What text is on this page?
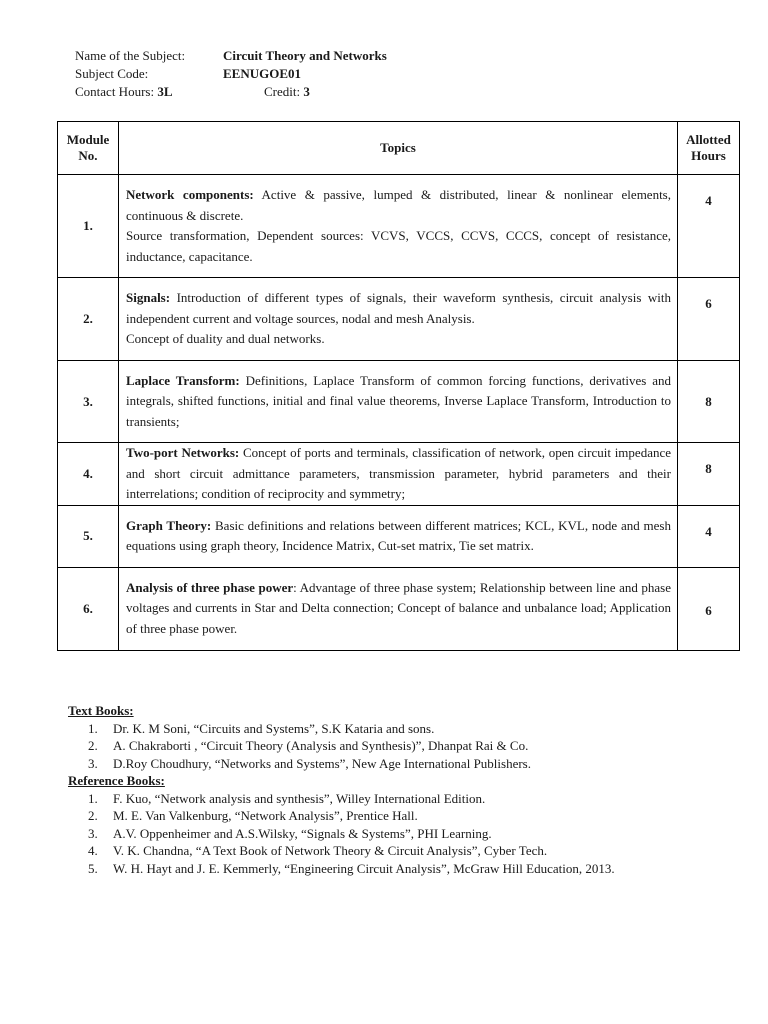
Name of the Subject:	Circuit Theory and Networks
Subject Code:	EENUGOE01
Contact Hours: 3L	Credit: 3
Module No.	Topics	Allotted Hours
1.	Network components: Active & passive, lumped & distributed, linear & nonlinear elements, continuous & discrete.

Source transformation, Dependent sources: VCVS, VCCS, CCVS, CCCS, concept of resistance, inductance, capacitance.	4
2.	Signals: Introduction of different types of signals, their waveform synthesis, circuit analysis with independent current and voltage sources, nodal and mesh Analysis.

Concept of duality and dual networks.	6
3.	Laplace Transform: Definitions, Laplace Transform of common forcing functions, derivatives and integrals, shifted functions, initial and final value theorems, Inverse Laplace Transform, Introduction to transients;	8
4.	Two-port Networks: Concept of ports and terminals, classification of network, open circuit impedance and short circuit admittance parameters, transmission parameter, hybrid parameters and their interrelations; condition of reciprocity and symmetry;	8
5.	Graph Theory: Basic definitions and relations between different matrices; KCL, KVL, node and mesh equations using graph theory, Incidence Matrix, Cut-set matrix, Tie set matrix.	4
6.	Analysis of three phase power: Advantage of three phase system; Relationship between line and phase voltages and currents in Star and Delta connection; Concept of balance and unbalance load; Application of three phase power.	6
Text Books:
1. Dr. K. M Soni, “Circuits and Systems”, S.K Kataria and sons.
2. A. Chakraborti , “Circuit Theory (Analysis and Synthesis)”, Dhanpat Rai & Co.
3. D.Roy Choudhury, “Networks and Systems”, New Age International Publishers.
Reference Books:
1. F. Kuo, “Network analysis and synthesis”, Willey International Edition.
2. M. E. Van Valkenburg, “Network Analysis”, Prentice Hall.
3. A.V. Oppenheimer and A.S.Wilsky, “Signals & Systems”, PHI Learning.
4. V. K. Chandna, “A Text Book of Network Theory & Circuit Analysis”, Cyber Tech.
5. W. H. Hayt and J. E. Kemmerly, “Engineering Circuit Analysis”, McGraw Hill Education, 2013.
